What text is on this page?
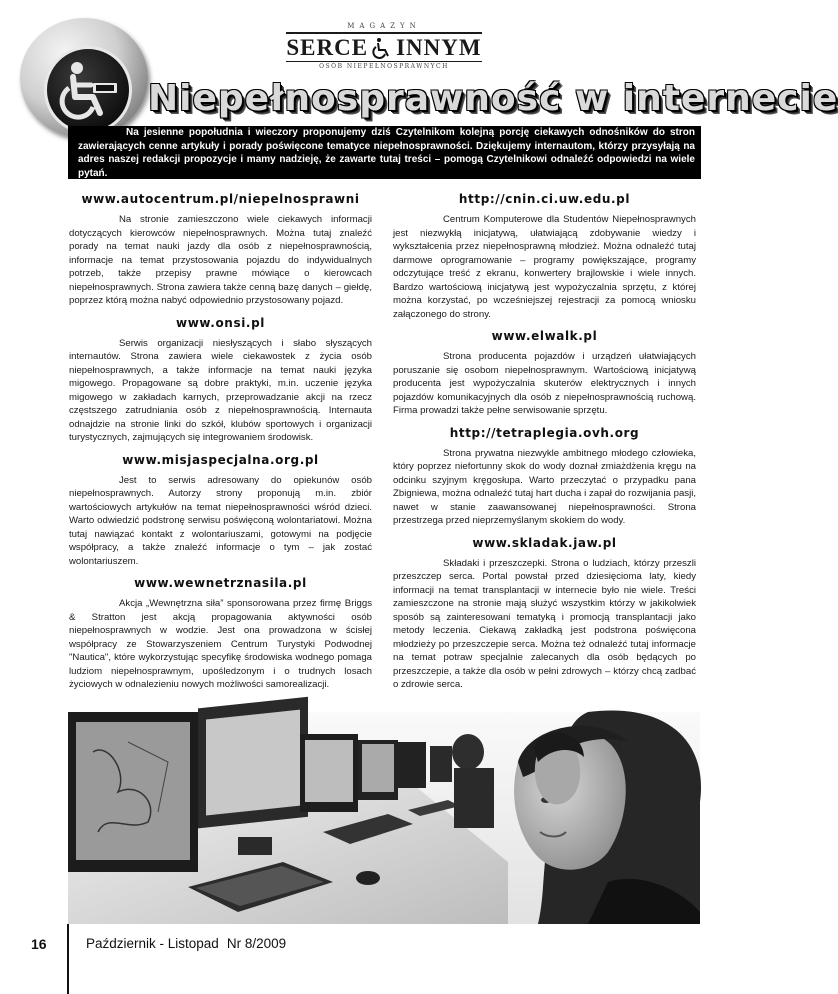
MAGAZYN
SERCE INNYM
OSÓB NIEPEŁNOSPRAWNYCH
Niepełnosprawność w internecie
Na jesienne popołudnia i wieczory proponujemy dziś Czytelnikom kolejną porcję ciekawych odnośników do stron zawierających cenne artykuły i porady poświęcone tematyce niepełnosprawności. Dziękujemy internautom, którzy przysyłają na adres naszej redakcji propozycje i mamy nadzieję, że zawarte tutaj treści – pomogą Czytelnikowi odnaleźć odpowiedzi na wiele pytań.
www.autocentrum.pl/niepelnosprawni

Na stronie zamieszczono wiele ciekawych informacji dotyczących kierowców niepełnosprawnych. Można tutaj znaleźć porady na temat nauki jazdy dla osób z niepełnosprawnością, informacje na temat przystosowania pojazdu do indywidualnych potrzeb, także przepisy prawne mówiące o kierowcach niepełnosprawnych. Strona zawiera także cenną bazę danych – giełdę, poprzez którą można nabyć odpowiednio przystosowany pojazd.

www.onsi.pl

Serwis organizacji niesłyszących i słabo słyszących internautów. Strona zawiera wiele ciekawostek z życia osób niepełnosprawnych, a także informacje na temat nauki języka migowego. Propagowane są dobre praktyki, m.in. uczenie języka migowego w zakładach karnych, przeprowadzanie akcji na rzecz częstszego zatrudniania osób z niepełnosprawnością. Internauta odnajdzie na stronie linki do szkół, klubów sportowych i organizacji turystycznych, zajmujących się integrowaniem środowisk.

www.misjaspecjalna.org.pl

Jest to serwis adresowany do opiekunów osób niepełnosprawnych. Autorzy strony proponują m.in. zbiór wartościowych artykułów na temat niepełnosprawności wśród dzieci. Warto odwiedzić podstronę serwisu poświęconą wolontariatowi. Można tutaj nawiązać kontakt z wolontariuszami, gotowymi na podjęcie współpracy, a także znaleźć informacje o tym – jak zostać wolontariuszem.

www.wewnetrznasila.pl

Akcja „Wewnętrzna siła” sponsorowana przez firmę Briggs & Stratton jest akcją propagowania aktywności osób niepełnosprawnych w wodzie. Jest ona prowadzona w ścisłej współpracy ze Stowarzyszeniem Centrum Turystyki Podwodnej "Nautica", które wykorzystując specyfikę środowiska wodnego pomaga ludziom niepełnosprawnym, upośledzonym i o trudnych losach życiowych w odnalezieniu nowych możliwości samorealizacji.

http://cnin.ci.uw.edu.pl

Centrum Komputerowe dla Studentów Niepełnosprawnych jest niezwykłą inicjatywą, ułatwiającą zdobywanie wiedzy i wykształcenia przez niepełnosprawną młodzież. Można odnaleźć tutaj darmowe oprogramowanie – programy powiększające, programy odczytujące treść z ekranu, konwertery brajlowskie i wiele innych. Bardzo wartościową inicjatywą jest wypożyczalnia sprzętu, z której można korzystać, po wcześniejszej rejestracji za pomocą wniosku załączonego do strony.

www.elwalk.pl

Strona producenta pojazdów i urządzeń ułatwiających poruszanie się osobom niepełnosprawnym. Wartościową inicjatywą producenta jest wypożyczalnia skuterów elektrycznych i innych pojazdów komunikacyjnych dla osób z niepełnosprawnością ruchową. Firma prowadzi także pełne serwisowanie sprzętu.

http://tetraplegia.ovh.org

Strona prywatna niezwykle ambitnego młodego człowieka, który poprzez niefortunny skok do wody doznał zmiażdżenia kręgu na odcinku szyjnym kręgosłupa. Warto przeczytać o przypadku pana Zbigniewa, można odnaleźć tutaj hart ducha i zapał do rozwijania pasji, nawet w stanie zaawansowanej niepełnosprawności. Strona przestrzega przed nieprzemyślanym skokiem do wody.

www.skladak.jaw.pl

Składaki i przeszczepki. Strona o ludziach, którzy przeszli przeszczep serca. Portal powstał przed dziesięcioma laty, kiedy informacji na temat transplantacji w internecie było nie wiele. Treści zamieszczone na stronie mają służyć wszystkim którzy w jakikolwiek sposób są zainteresowani tematyką i promocją transplantacji jako metody leczenia. Ciekawą zakładką jest podstrona poświęcona młodzieży po przeszczepie serca. Można też odnaleźć tutaj informacje na temat potraw specjalnie zalecanych dla osób będących po przeszczepie, a także dla osób w pełni zdrowych – którzy chcą zadbać o zdrowie serca.

16	Październik - Listopad Nr 8/2009
